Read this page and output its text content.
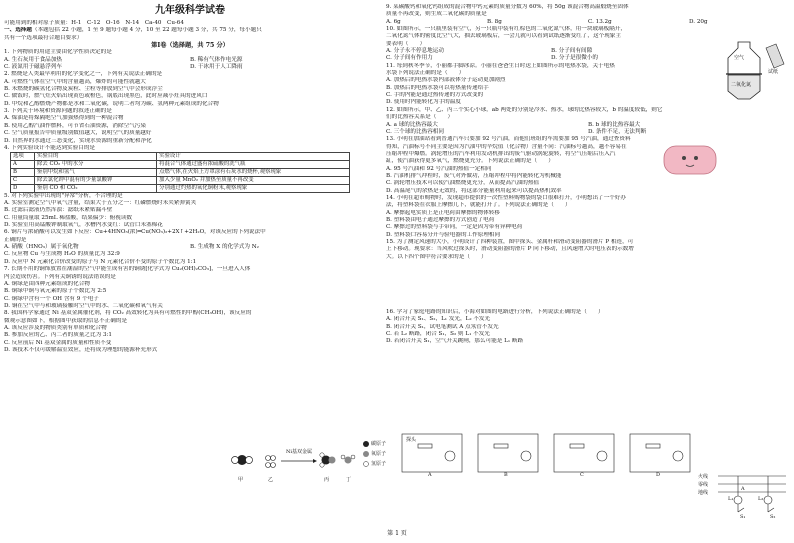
九年级科学试卷
可能用到的相对原子质量：H-1　C-12　O-16　N-14　Ca-40　Cu-64
一、选择题（本题包括 22 小题，1 至 9 题每小题 4 分，10 至 22 题每小题 3 分，共 75 分，每小题只
共有一个选项最符合题目要求）
第Ⅰ卷（选择题，共 75 分）
1. 下列物质的用途主要由化学性质决定的是
A. 生石灰用于食品加热	B. 稀有气体作电光源
C. 液氮用于磁悬浮列车	D. 干冰用于人工降雨
2. 燃烧是人类最早利用的化学变化之一，下列有关说法正确的是
A. 可燃性气体在空气中的含量越高，爆炸的可能性就越大
B. 未燃烧的碳氢化合物及炭粒、尘粒等排放到空气中会形成浮尘
C. 做饭时，燃气灶火焰出现黄色或橙色，锅底出现黑色，此时应减小灶具的进风口
D. 甲烷和乙醇燃烧产物都是水和二氧化碳，说明二者均为碳、氢两种元素组成的化合物
3. 下列关于环境和资源问题的叙述正确的是
A. 煤油是将煤隔绝空气加强热得到的一种混合物
B. 使用乙醇汽油作燃料，可节省石油资源，消除空气污染
C. 空气质量报告中质量级别数值越大，说明空气的质量越好
D. 自然界的水通过三态变化，实现水资源的重新分配和净化
4. 下列实验设计不能达到实验目的是
选项	实验目的	实验设计
A	除去 CO₂ 中的水分	将混合气体通过盛有浓硫酸的洗气瓶
B	鉴别甲烷和氢气	点燃气体,在火焰上方罩涂有石灰水的烧杯,观察现象
C	除去氯化钾中混有的少量氯酸钾	加入少量 MnO₂ 并加热至质量不再改变
D	鉴别 CO 和 CO₂	分别通过灼热的氧化铜粉末,观察现象
5. 对下列实验中出现的"异常"分析，不合理的是
A. 实验室测定空气中氧气含量，结果大于五分之一：红磷燃烧时未夹紧弹簧夹
B. 过滤后滤液仍然浑浊：滤纸未紧贴漏斗壁
C. 用量筒量取 25mL 稀盐酸，结果偏少：俯视读数
D. 实验室用高锰酸钾制取氧气，水槽内水变红：试管口未塞棉花
6. 铜片与浓硝酸可以发生如下反应：Cu+4HNO₃(浓)═Cu(NO₃)₂+2X↑+2H₂O，对该反应的下列说法中
正确的是
A. 硝酸（HNO₃）属于氧化物	B. 生成物 X 的化学式为 N₂
C. 反应物 Cu 与生成物 H₂O 的质量比为 32:9
D. 反应中 N 元素化合价改变的原子与 N 元素化合价不变的原子个数比为 1:1
7. 长期不用的铜饰放置在潮湿的空气中能生成有害的铜锈[化学式为 Cu₂(OH)₂CO₃]，一旦进入人体
内会造成伤害。下列有关铜锈的说法错误的是
A. 铜绿是由四种元素组成的化合物
B. 铜绿中铜与氧元素的原子个数比为 2:5
C. 铜绿中含有一个 OH 含有 9 个电子
D. 铜在空气中与和玻璃接触时空气中的水、二氧化碳和氧气有关
8. 我国科学家通过 Ni 基双金属催化剂，将 CO₂ 高效转化为具有可燃性的甲醇(CH₃OH)，该反应的
微观示意图如下，根据图中获取的信息不正确的是
A. 该反应涉及的物质类别有单质和化合物
B. 参加反应的乙、丙二者的质量之比为 3:1
C. 反应前后 Ni 基双金属的质量和性质不变
D. 该技术不仅可缓解温室效应，还将成为理想的能源补充形式
Ni基双金属
甲	乙	丙	丁
碳原子
氧原子
氢原子
9. 某碳酸钙和氧化钙组成的混合物中钙元素的质量分数为 60%，将 50g 该混合物高温煅烧至固体
质量不再改变，则生成二氧化碳的质量是
A. 6g	B. 8g	C. 13.2g	D. 20g
10. 如图所示，一只瓶里装有空气，另一只瓶中装有红棕色的二氧化氮气体，用一块玻璃板隔开，
二氧化氮气体的密度比空气大，抽去玻璃板后，一会儿就可以看到试纸逐渐变红了，这个现象主
要表明（　　）
A. 分子永不停息地运动	B. 分子间有间隙
C. 分子间有作用力	D. 分子是很微小的
11. 每到秋冬季节，小丽都手脚冰凉。小丽在爸爸生日时送上如图所示的电热水袋，关于电热
水袋下列说法正确的是（　　）
A. 加热后的电热水袋内部液体分子运动更加剧烈
B. 加热后的电热水袋可以将热量传递给手
C. 手的内能是通过热传递的方式改变的
D. 使用时内能转化为手的温度
12. 如图所示，甲、乙、丙三个实心小球，ab 两处的分别是冷水、热水，球的比热容较大，b 的温度较低，则它
们的比热容关系是（　　）
A. a 球的比热容最大	B. b 球的比热容最大
C. 三个球的比热容相同	D. 条件不足，无法判断
13. 小明在加油站看到普通汽车只要加 92 号汽油，而他们班组的车需要加 95 号汽油，通过查资料
得知，汽油标号不同主要是因为汽油中的辛烷值（化合物）含量不同：汽油标号越高，越不容易在
压缩冲程中爆燃。涡轮增压的汽车利用发动机排出的废气驱动涡轮旋转，将空气压缩后压入汽
缸，使汽油获得更多氧气，燃烧更充分。下列说法正确的是（　　）
A. 95 号汽油和 92 号汽油的热值一定相同
B. 汽油机排气冲程时，废气对外做功，压缩冲程中将内能转化为机械能
C. 涡轮增压技术可以使汽油燃烧更充分，从而提高汽油的热值
D. 高温尾气的余热是无效的，将这部分能量利用起来可以提高热机效率
14. 小明在超市购物时，发现超市提供的一次性塑料购物袋的袋口很难打开，小明想出了一个好办
法，将塑料袋在衣服上摩擦几下，就能打开了。下列说法正确的是（　　）
A. 摩擦起电实质上是正电荷由摩擦的物体转移
B. 塑料袋由电子通过摩擦的方式创造了电荷
C. 摩擦过的塑料袋与手带同，一定是因为带有异种电荷
D. 塑料袋口容易分开与验电器的工作原理相同
15. 为了测定风速的大小，小明设计了四种装置，图中探头、金属杆和滑动变阻器的滑片 P 相连，可
上下移动。现要求：当风吹过探头时，滑动变阻器的滑片 P 向下移动，且风速增大时电压表的示数增
大。以下四个图中符合要求的是（　　）
16. 学习了家庭电路的知识后，小海对如图的电路进行分析，下列说法正确的是（　　）
A. 闭合开关 S₁、S₂，L₁ 发光，L₂ 不发光
B. 闭合开关 S₁，试电笔测试 A 点氖管不发光
C. 若 L₂ 断路，闭合 S₁，S₂ 则 L₁ 不发光
D. 若闭合开关 S₁，空气开关跳闸，那么可能是 L₁ 断路
空气
二氧化氮
试纸
A	B	C	D
探头
火线
零线
地线
L₁	L₂
S₁	S₂
A
第 1 页
